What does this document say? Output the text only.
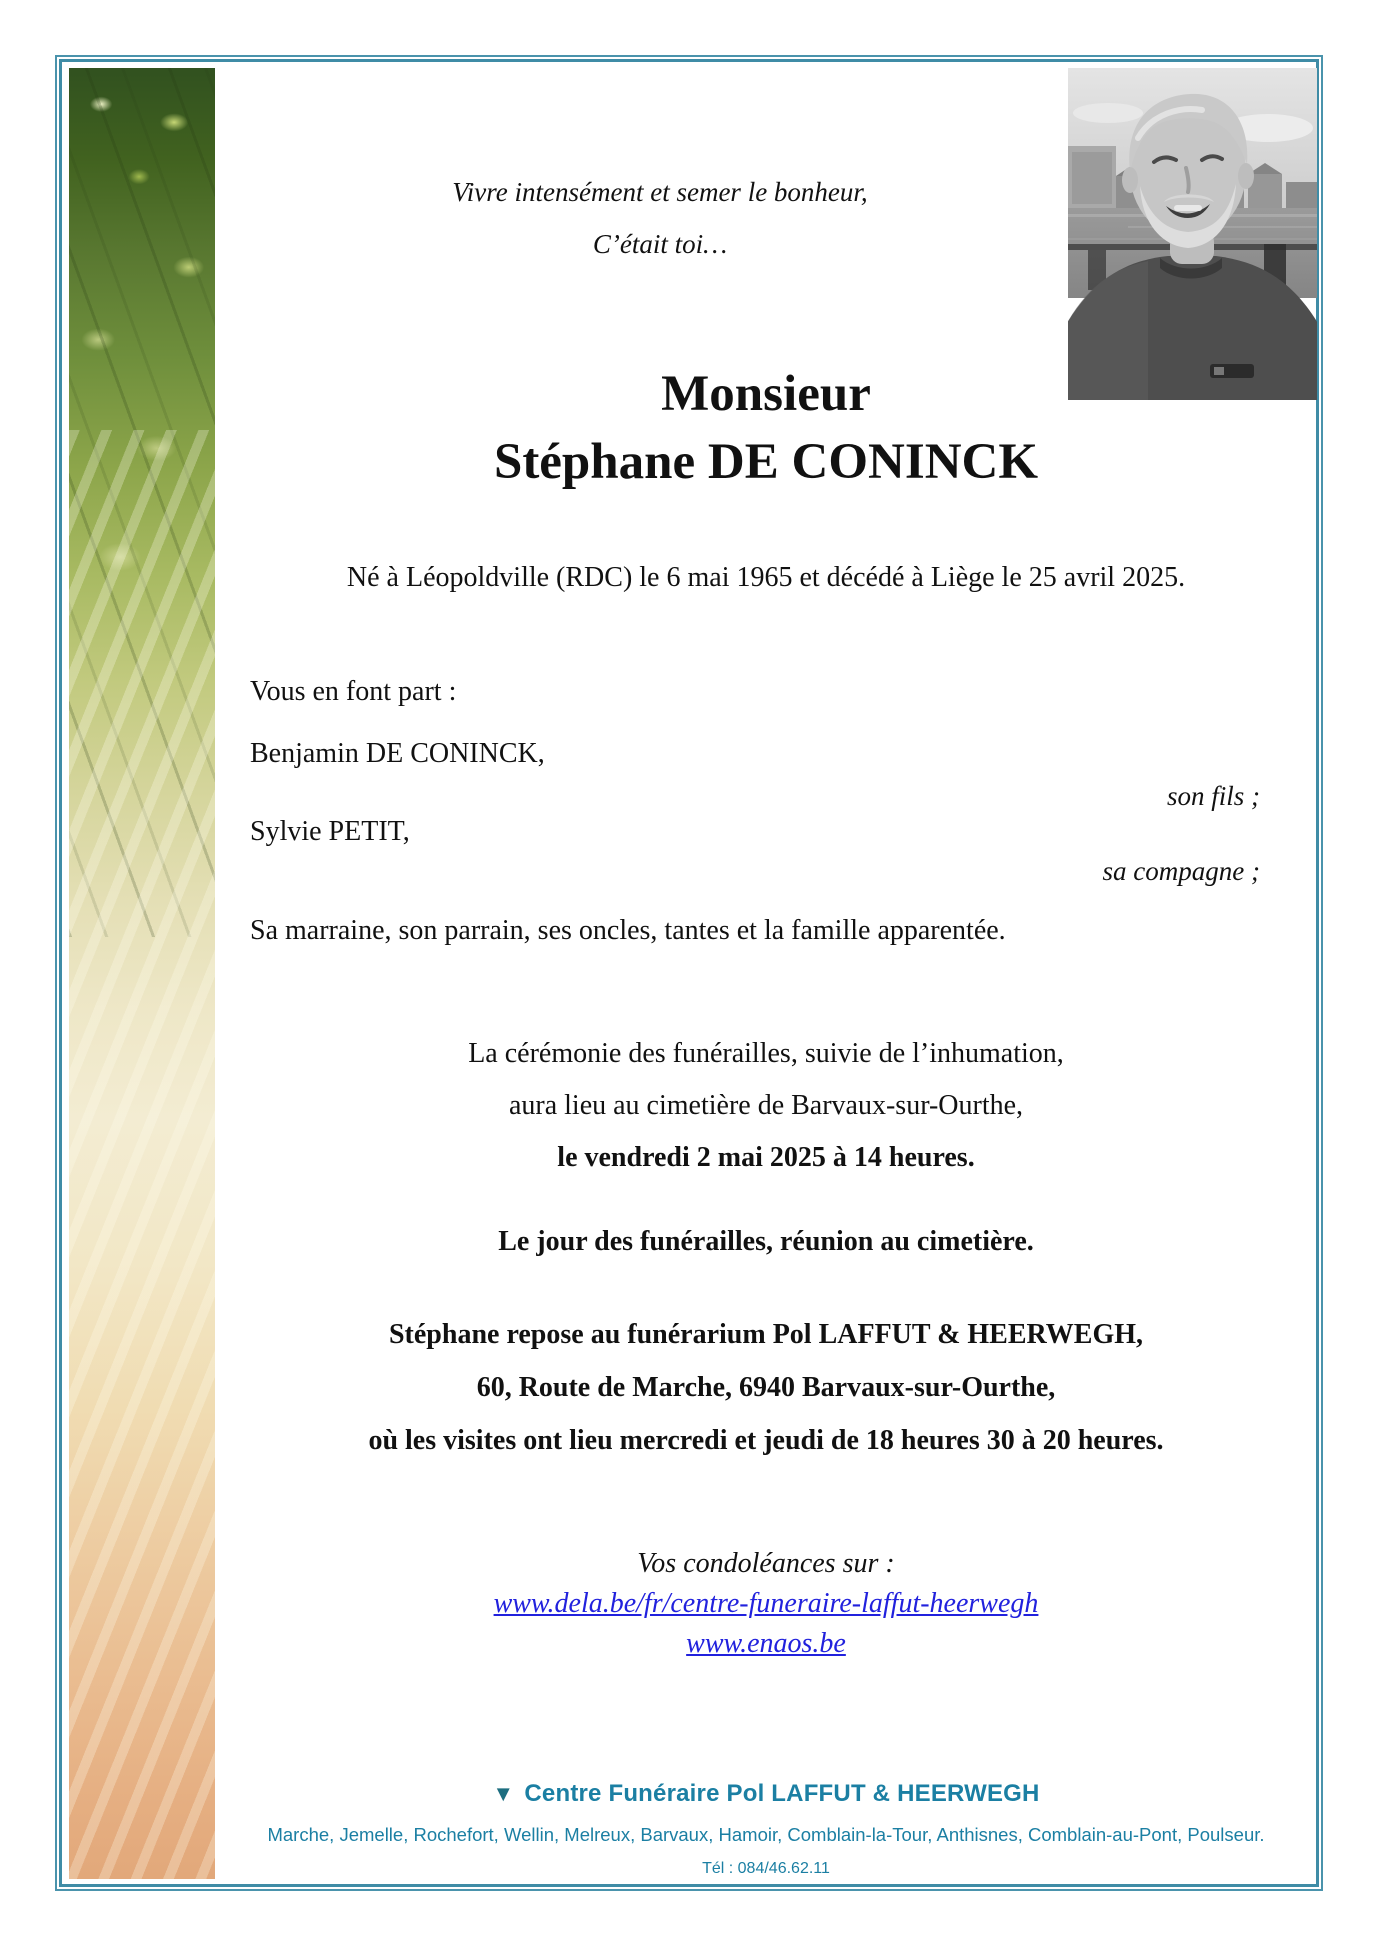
Vivre intensément et semer le bonheur,
C’était toi…
Monsieur
Stéphane DE CONINCK
Né à Léopoldville (RDC) le 6 mai 1965 et décédé à Liège le 25 avril 2025.
Vous en font part :
Benjamin DE CONINCK,
son fils ;
Sylvie PETIT,
sa compagne ;
Sa marraine, son parrain, ses oncles, tantes et la famille apparentée.
La cérémonie des funérailles, suivie de l’inhumation,
aura lieu au cimetière de Barvaux-sur-Ourthe,
le vendredi 2 mai 2025 à 14 heures.
Le jour des funérailles, réunion au cimetière.
Stéphane repose au funérarium Pol LAFFUT & HEERWEGH,
60, Route de Marche, 6940 Barvaux-sur-Ourthe,
où les visites ont lieu mercredi et jeudi de 18 heures 30 à 20 heures.
Vos condoléances sur :
www.dela.be/fr/centre-funeraire-laffut-heerwegh
www.enaos.be
▼ Centre Funéraire Pol LAFFUT & HEERWEGH
Marche, Jemelle, Rochefort, Wellin, Melreux, Barvaux, Hamoir, Comblain-la-Tour, Anthisnes, Comblain-au-Pont, Poulseur.
Tél : 084/46.62.11
